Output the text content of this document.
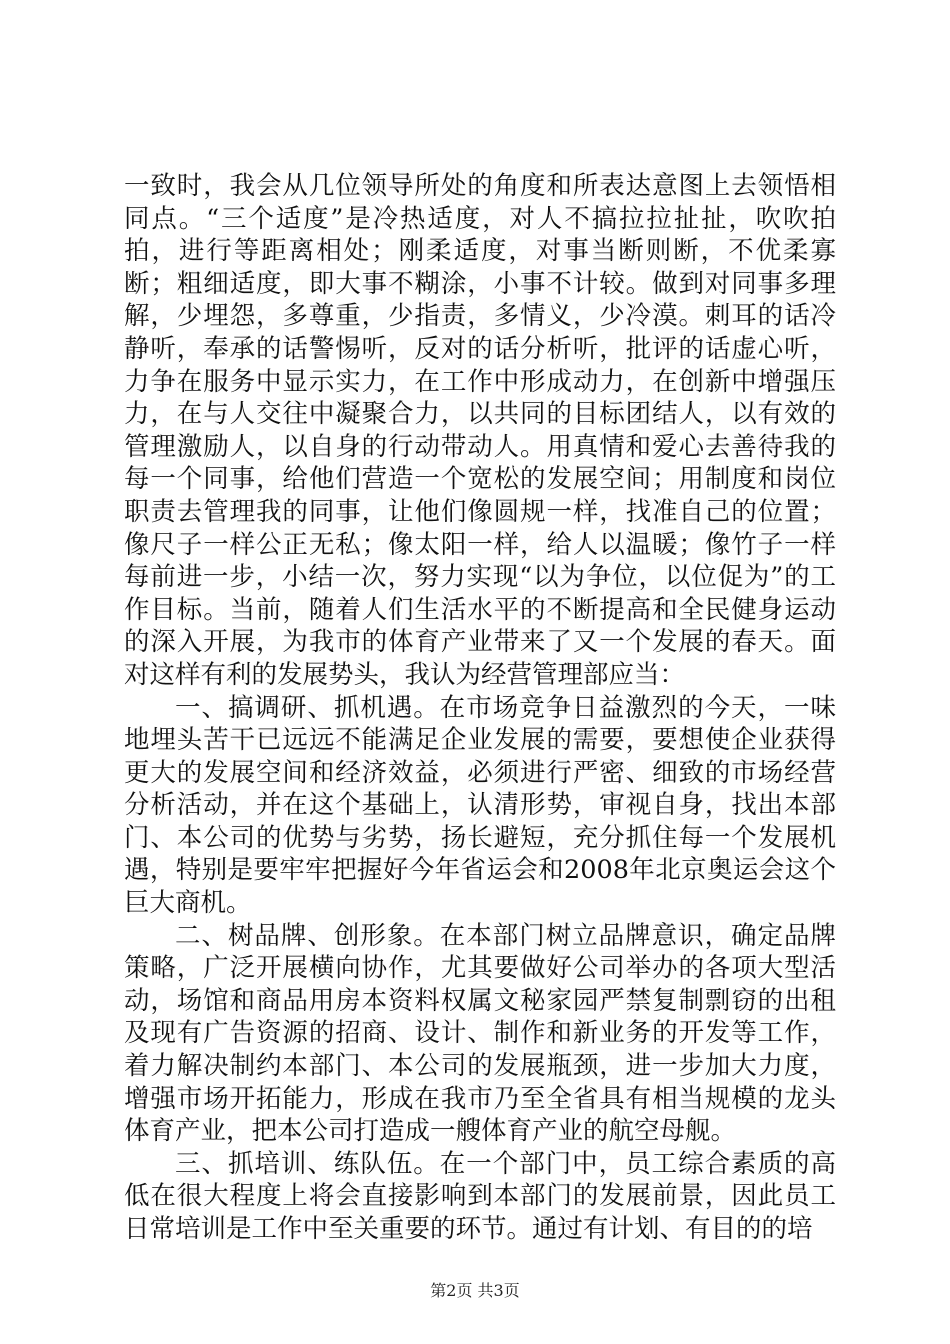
一致时，我会从几位领导所处的角度和所表达意图上去领悟相同点。“三个适度”是冷热适度，对人不搞拉拉扯扯，吹吹拍拍，进行等距离相处；刚柔适度，对事当断则断，不优柔寡断；粗细适度，即大事不糊涂，小事不计较。做到对同事多理解，少埋怨，多尊重，少指责，多情义，少冷漠。刺耳的话冷静听，奉承的话警惕听，反对的话分析听，批评的话虚心听，力争在服务中显示实力，在工作中形成动力，在创新中增强压力，在与人交往中凝聚合力，以共同的目标团结人，以有效的管理激励人，以自身的行动带动人。用真情和爱心去善待我的每一个同事，给他们营造一个宽松的发展空间；用制度和岗位职责去管理我的同事，让他们像圆规一样，找准自己的位置；像尺子一样公正无私；像太阳一样，给人以温暖；像竹子一样每前进一步，小结一次，努力实现“以为争位，以位促为”的工作目标。当前，随着人们生活水平的不断提高和全民健身运动的深入开展，为我市的体育产业带来了又一个发展的春天。面对这样有利的发展势头，我认为经营管理部应当：

一、搞调研、抓机遇。在市场竞争日益激烈的今天，一味地埋头苦干已远远不能满足企业发展的需要，要想使企业获得更大的发展空间和经济效益，必须进行严密、细致的市场经营分析活动，并在这个基础上，认清形势，审视自身，找出本部门、本公司的优势与劣势，扬长避短，充分抓住每一个发展机遇，特别是要牢牢把握好今年省运会和2008年北京奥运会这个巨大商机。

二、树品牌、创形象。在本部门树立品牌意识，确定品牌策略，广泛开展横向协作，尤其要做好公司举办的各项大型活动，场馆和商品用房本资料权属文秘家园严禁复制剽窃的出租及现有广告资源的招商、设计、制作和新业务的开发等工作，着力解决制约本部门、本公司的发展瓶颈，进一步加大力度，增强市场开拓能力，形成在我市乃至全省具有相当规模的龙头体育产业，把本公司打造成一艘体育产业的航空母舰。

三、抓培训、练队伍。在一个部门中，员工综合素质的高低在很大程度上将会直接影响到本部门的发展前景，因此员工日常培训是工作中至关重要的环节。通过有计划、有目的的培

第2页 共3页
